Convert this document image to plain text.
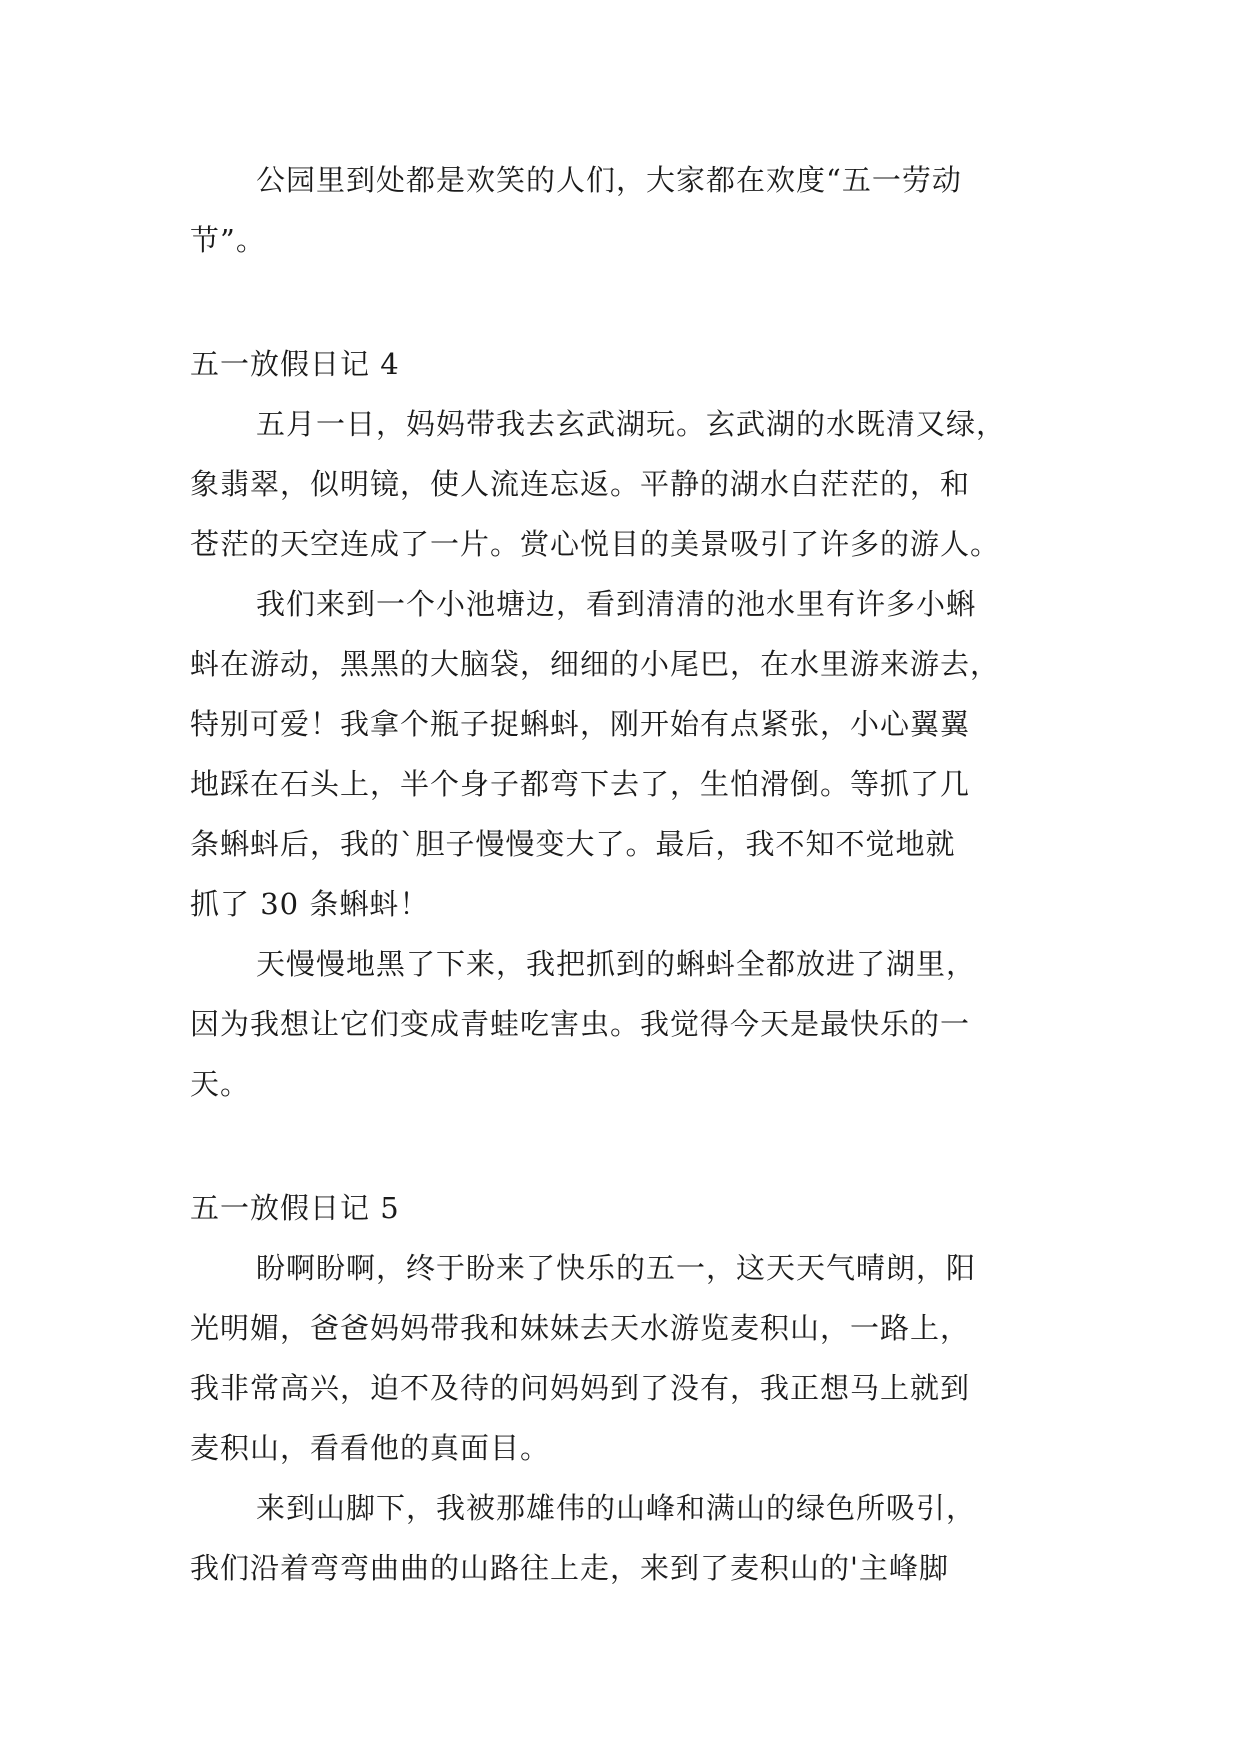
公园里到处都是欢笑的人们，大家都在欢度“五一劳动
节”。
五一放假日记 4
五月一日，妈妈带我去玄武湖玩。玄武湖的水既清又绿，
象翡翠，似明镜，使人流连忘返。平静的湖水白茫茫的，和
苍茫的天空连成了一片。赏心悦目的美景吸引了许多的游人。
我们来到一个小池塘边，看到清清的池水里有许多小蝌
蚪在游动，黑黑的大脑袋，细细的小尾巴，在水里游来游去，
特别可爱！我拿个瓶子捉蝌蚪，刚开始有点紧张，小心翼翼
地踩在石头上，半个身子都弯下去了，生怕滑倒。等抓了几
条蝌蚪后，我的`胆子慢慢变大了。最后，我不知不觉地就
抓了 30 条蝌蚪！
天慢慢地黑了下来，我把抓到的蝌蚪全都放进了湖里，
因为我想让它们变成青蛙吃害虫。我觉得今天是最快乐的一
天。
五一放假日记 5
盼啊盼啊，终于盼来了快乐的五一，这天天气晴朗，阳
光明媚，爸爸妈妈带我和妹妹去天水游览麦积山，一路上，
我非常高兴，迫不及待的问妈妈到了没有，我正想马上就到
麦积山，看看他的真面目。
来到山脚下，我被那雄伟的山峰和满山的绿色所吸引，
我们沿着弯弯曲曲的山路往上走，来到了麦积山的'主峰脚
